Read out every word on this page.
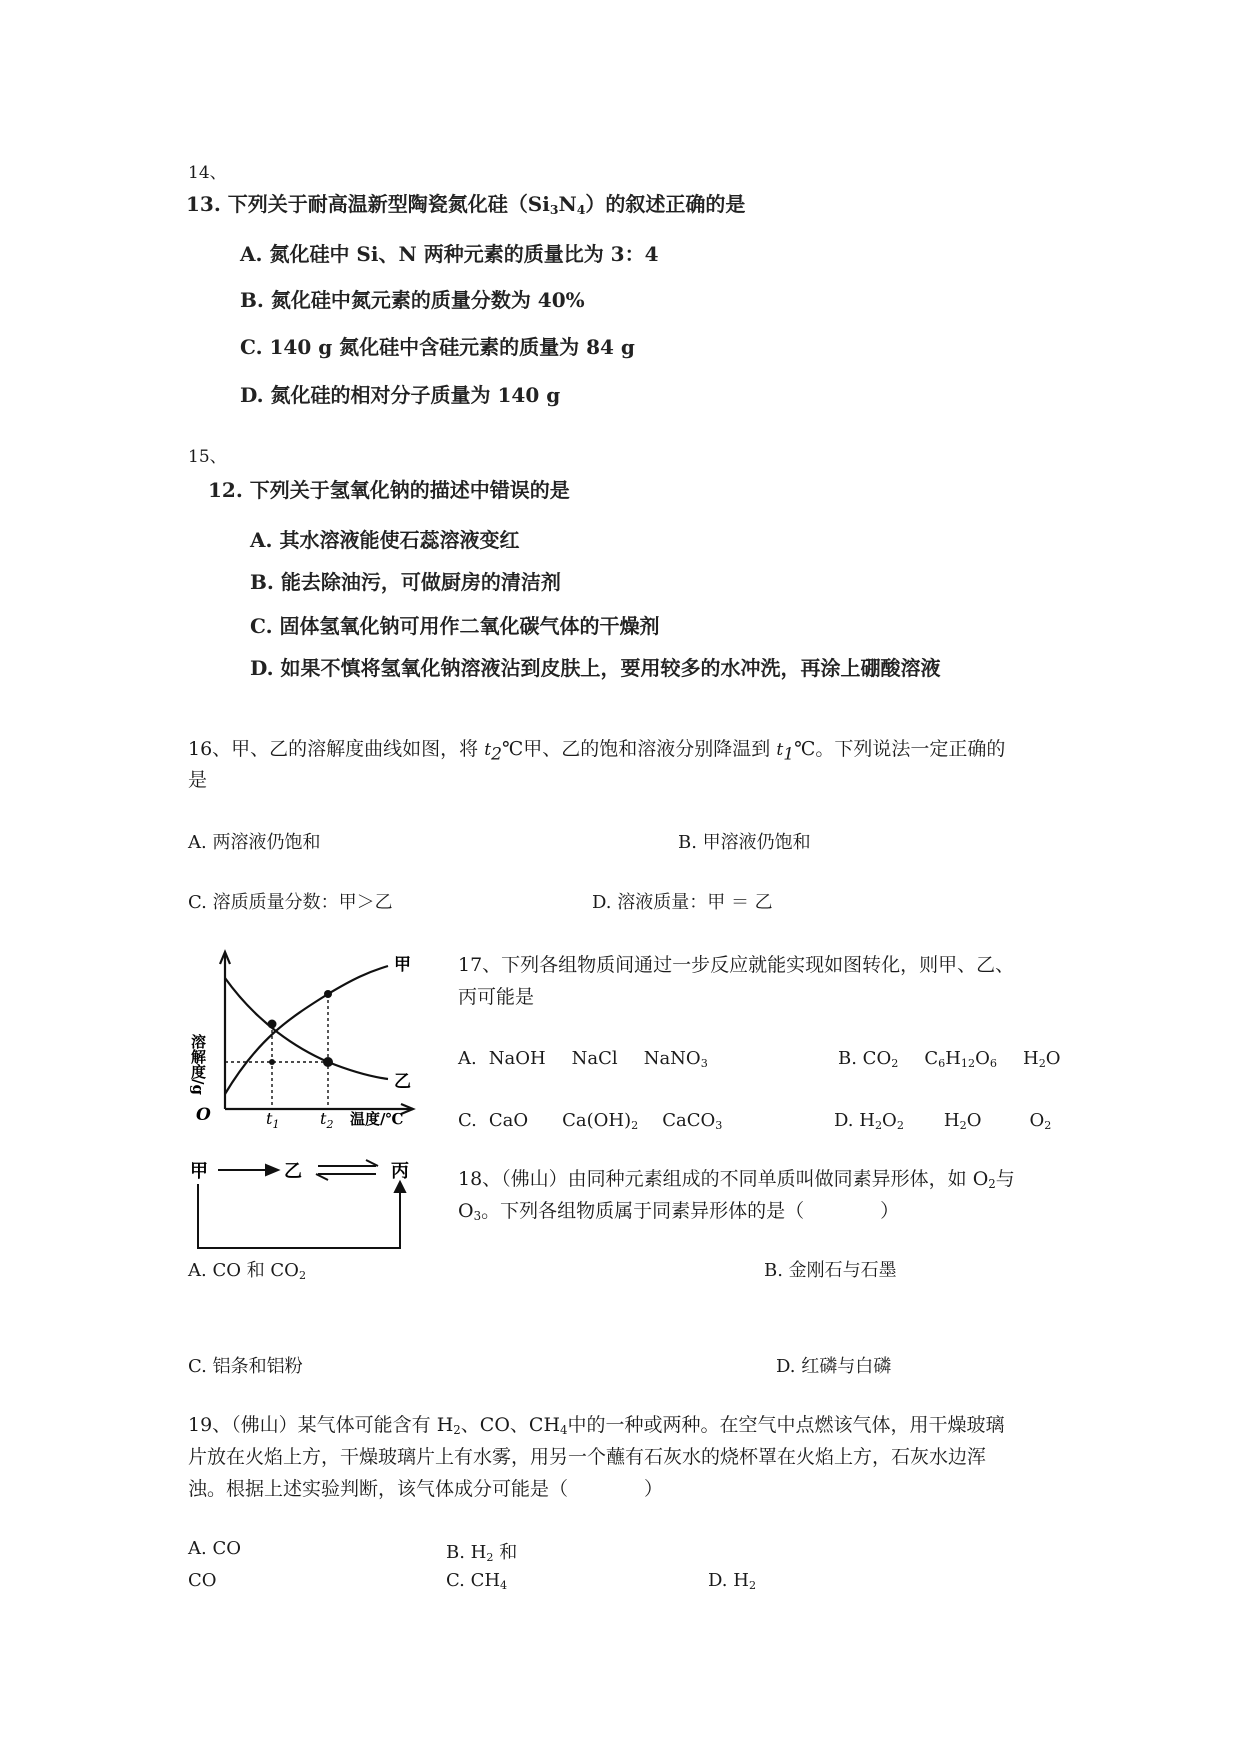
14、
13. 下列关于耐高温新型陶瓷氮化硅$(Si_3N_4)$的叙述正确的是
A. 氮化硅中 Si、N 两种元素的质量比为 3：4
B. 氮化硅中氮元素的质量分数为 40%
C. 140 g 氮化硅中含硅元素的质量为 84 g
D. 氮化硅的相对分子质量为 140 g
15、
12. 下列关于氢氧化钠的描述中错误的是
A. 其水溶液能使石蕊溶液变红
B. 能去除油污，可做厨房的清洁剂
C. 固体氢氧化钠可用作二氧化碳气体的干燥剂
D. 如果不慎将氢氧化钠溶液沾到皮肤上，要用较多的水冲洗，再涂上硼酸溶液
16、甲、乙的溶解度曲线如图，将 $t_2℃$甲、乙的饱和溶液分别降温到 $t_1℃$。下列说法一定正确的
是
A. 两溶液仍饱和	B. 甲溶液仍饱和
C. 溶质质量分数：甲＞乙	D. 溶液质量：甲 ＝ 乙
溶解度/g
O	$t_1$	$t_2$ 温度/℃
甲
乙
17、下列各组物质间通过一步反应就能实现如图转化，则甲、乙、
丙可能是
A. NaOH NaCl NaNO$_3$	B. $CO_2$ $C_6H_{12}O_6$ $H_2O$
C. CaO $Ca(OH)_2$ CaCO$_3$	D. $H_2O_2$ $H_2O$	$O_2$
甲	乙	丙	18、（佛山）由同种元素组成的不同单质叫做同素异形体，如 $O_2$与
$O_3$。下列各组物质属于同素异形体的是（　　　　）
A. CO 和 $CO_2$	B. 金刚石与石墨
C. 铝条和铝粉	D. 红磷与白磷
19、（佛山）某气体可能含有 $H_2$、CO、$CH_4$中的一种或两种。在空气中点燃该气体，用干燥玻璃
片放在火焰上方，干燥玻璃片上有水雾，用另一个蘸有石灰水的烧杯罩在火焰上方，石灰水边浑
浊。根据上述实验判断，该气体成分可能是（　　　　）
A. CO	B. $H_2$ 和
CO	C. $CH_4$	D. $H_2$
